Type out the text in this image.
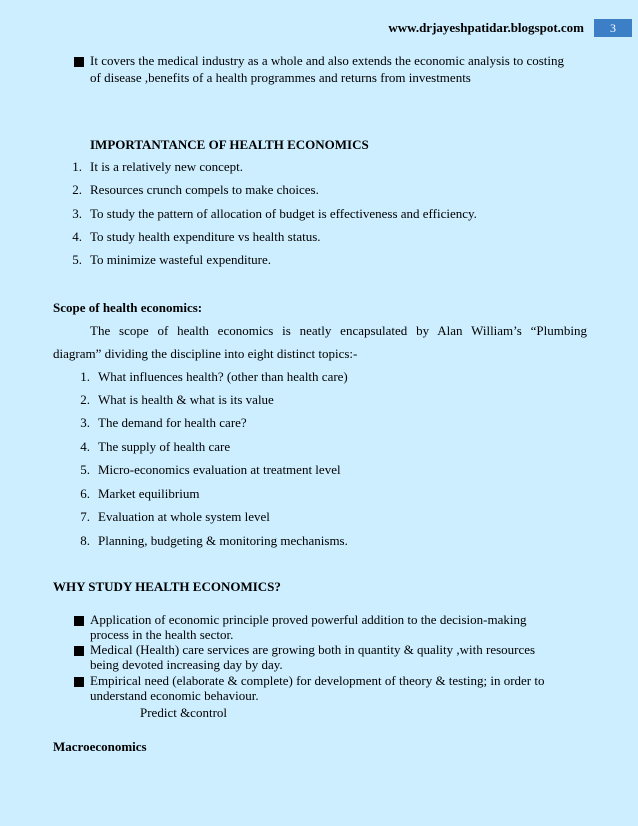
www.drjayeshpatidar.blogspot.com	3
It covers the medical industry as a whole and also extends the economic analysis to costing
of disease ,benefits of a health programmes and returns from investments
IMPORTANTANCE OF HEALTH ECONOMICS
1. It is a relatively new concept.
2. Resources crunch compels to make choices.
3. To study the pattern of allocation of budget is effectiveness and efficiency.
4. To study health expenditure vs health status.
5. To minimize wasteful expenditure.
Scope of health economics:
The scope of health economics is neatly encapsulated by Alan William’s “Plumbing
diagram” dividing the discipline into eight distinct topics:-
1. What influences health? (other than health care)
2. What is health & what is its value
3. The demand for health care?
4. The supply of health care
5. Micro-economics evaluation at treatment level
6. Market equilibrium
7. Evaluation at whole system level
8. Planning, budgeting & monitoring mechanisms.
WHY STUDY HEALTH ECONOMICS?
Application of economic principle proved powerful addition to the decision-making
process in the health sector.
Medical (Health) care services are growing both in quantity & quality ,with resources
being devoted increasing day by day.
Empirical need (elaborate & complete) for development of theory & testing; in order to
understand economic behaviour.
Predict &control
Macroeconomics
